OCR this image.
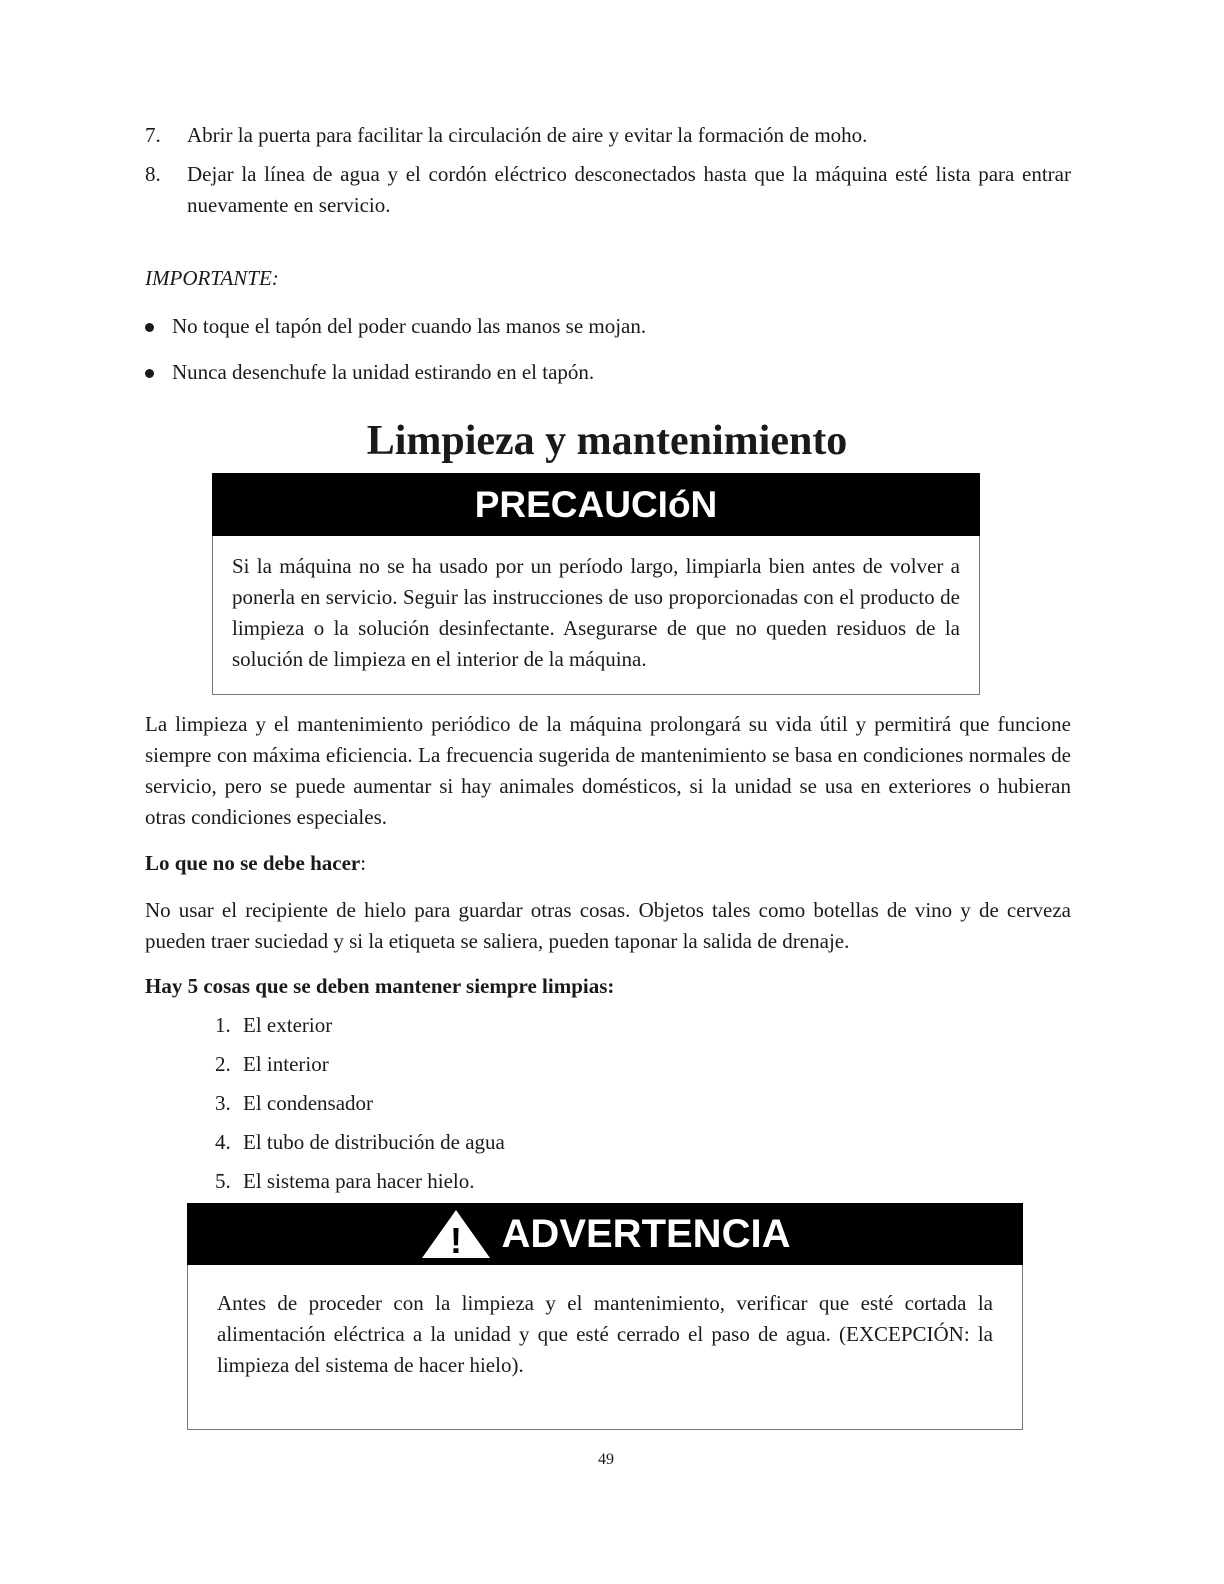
7. Abrir la puerta para facilitar la circulación de aire y evitar la formación de moho.
8. Dejar la línea de agua y el cordón eléctrico desconectados hasta que la máquina esté lista para entrar nuevamente en servicio.
IMPORTANTE:
No toque el tapón del poder cuando las manos se mojan.
Nunca desenchufe la unidad estirando en el tapón.
Limpieza y mantenimiento
PRECAUCIóN
Si la máquina no se ha usado por un período largo, limpiarla bien antes de volver a ponerla en servicio. Seguir las instrucciones de uso proporcionadas con el producto de limpieza o la solución desinfectante. Asegurarse de que no queden residuos de la solución de limpieza en el interior de la máquina.
La limpieza y el mantenimiento periódico de la máquina prolongará su vida útil y permitirá que funcione siempre con máxima eficiencia. La frecuencia sugerida de mantenimiento se basa en condiciones normales de servicio, pero se puede aumentar si hay animales domésticos, si la unidad se usa en exteriores o hubieran otras condiciones especiales.
Lo que no se debe hacer:
No usar el recipiente de hielo para guardar otras cosas. Objetos tales como botellas de vino y de cerveza pueden traer suciedad y si la etiqueta se saliera, pueden taponar la salida de drenaje.
Hay 5 cosas que se deben mantener siempre limpias:
1. El exterior
2. El interior
3. El condensador
4. El tubo de distribución de agua
5. El sistema para hacer hielo.
! ADVERTENCIA
Antes de proceder con la limpieza y el mantenimiento, verificar que esté cortada la alimentación eléctrica a la unidad y que esté cerrado el paso de agua. (EXCEPCIÓN: la limpieza del sistema de hacer hielo).
49
